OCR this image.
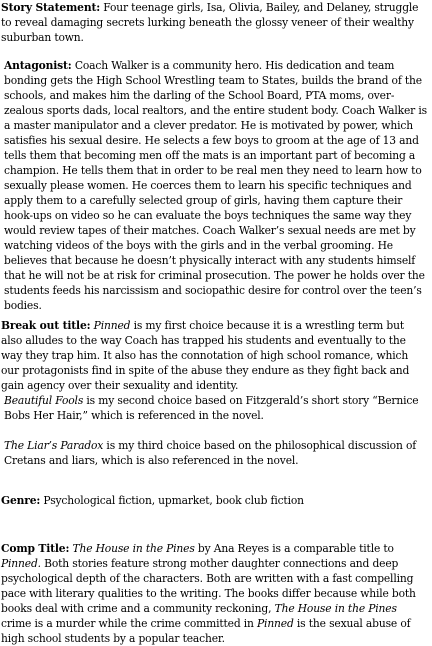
Story Statement: Four teenage girls, Isa, Olivia, Bailey, and Delaney, struggle to reveal damaging secrets lurking beneath the glossy veneer of their wealthy suburban town.

Antagonist: Coach Walker is a community hero. His dedication and team bonding gets the High School Wrestling team to States, builds the brand of the schools, and makes him the darling of the School Board, PTA moms, over-zealous sports dads, local realtors, and the entire student body. Coach Walker is a master manipulator and a clever predator. He is motivated by power, which satisfies his sexual desire. He selects a few boys to groom at the age of 13 and tells them that becoming men off the mats is an important part of becoming a champion. He tells them that in order to be real men they need to learn how to sexually please women. He coerces them to learn his specific techniques and apply them to a carefully selected group of girls, having them capture their hook-ups on video so he can evaluate the boys techniques the same way they would review tapes of their matches. Coach Walker’s sexual needs are met by watching videos of the boys with the girls and in the verbal grooming. He believes that because he doesn’t physically interact with any students himself that he will not be at risk for criminal prosecution. The power he holds over the students feeds his narcissism and sociopathic desire for control over the teen’s bodies.

Break out title: Pinned is my first choice because it is a wrestling term but also alludes to the way Coach has trapped his students and eventually to the way they trap him. It also has the connotation of high school romance, which our protagonists find in spite of the abuse they endure as they fight back and gain agency over their sexuality and identity.

Beautiful Fools is my second choice based on Fitzgerald’s short story “Bernice Bobs Her Hair,” which is referenced in the novel.

The Liar’s Paradox is my third choice based on the philosophical discussion of Cretans and liars, which is also referenced in the novel.

Genre: Psychological fiction, upmarket, book club fiction

Comp Title: The House in the Pines by Ana Reyes is a comparable title to Pinned. Both stories feature strong mother daughter connections and deep psychological depth of the characters. Both are written with a fast compelling pace with literary qualities to the writing. The books differ because while both books deal with crime and a community reckoning, The House in the Pines crime is a murder while the crime committed in Pinned is the sexual abuse of high school students by a popular teacher.
